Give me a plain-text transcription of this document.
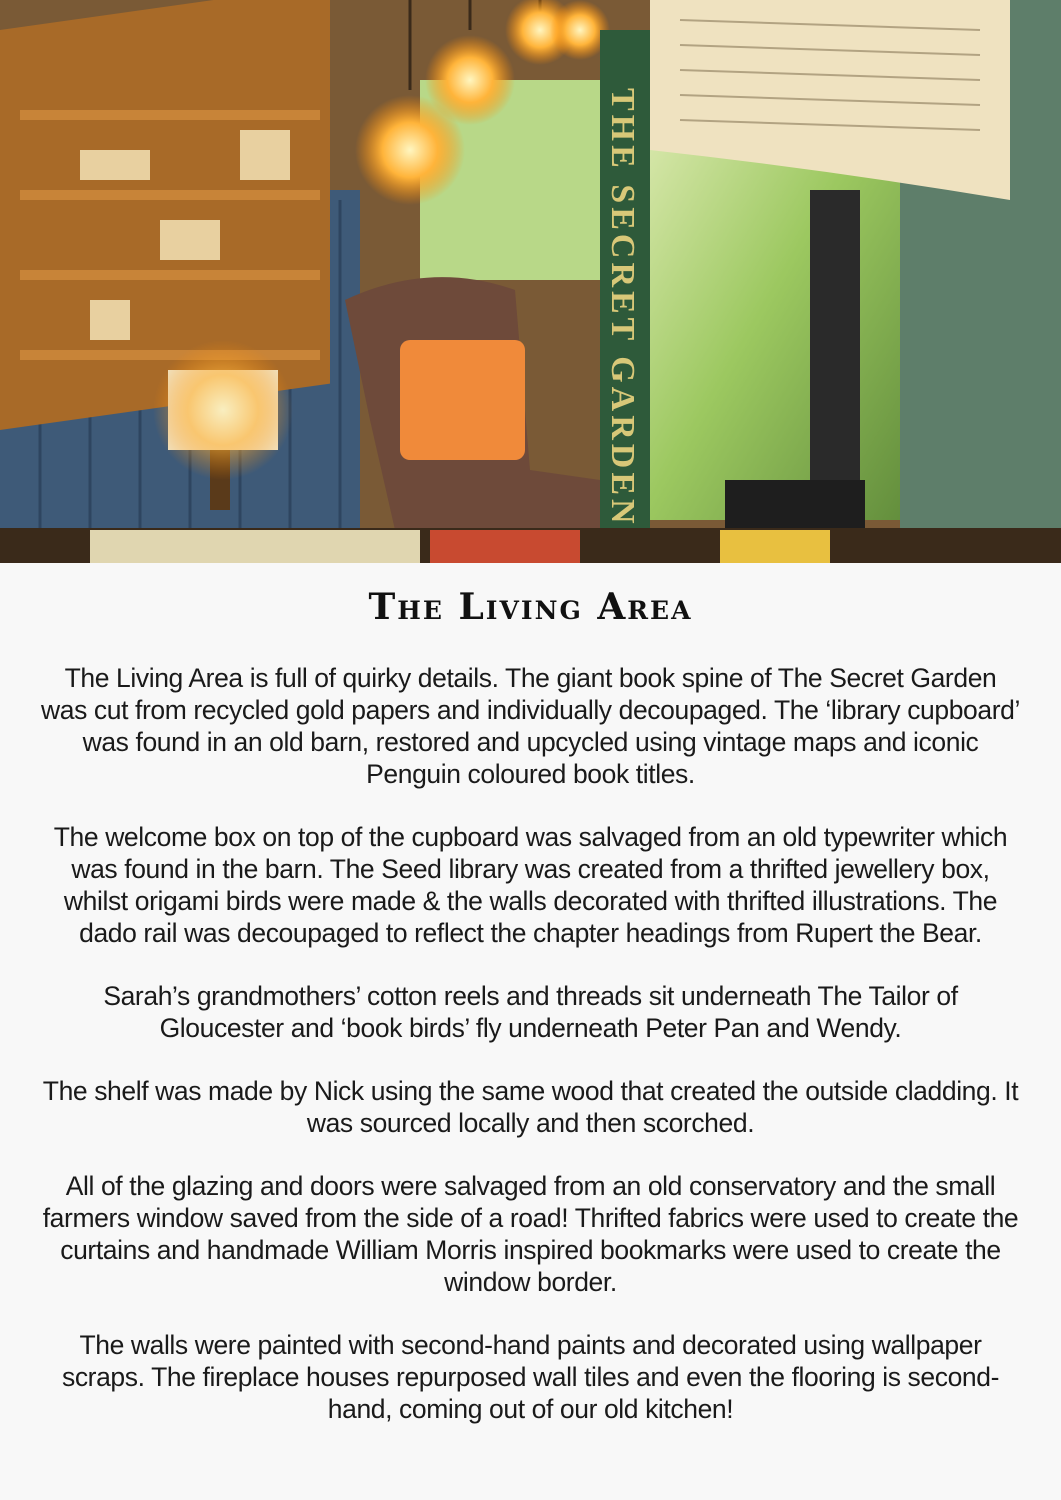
THE SECRET GARDEN
The Living Area

The Living Area is full of quirky details. The giant book spine of The Secret Garden was cut from recycled gold papers and individually decoupaged. The ‘library cupboard’ was found in an old barn, restored and upcycled using vintage maps and iconic Penguin coloured book titles.

The welcome box on top of the cupboard was salvaged from an old typewriter which was found in the barn. The Seed library was created from a thrifted jewellery box, whilst origami birds were made & the walls decorated with thrifted illustrations. The dado rail was decoupaged to reflect the chapter headings from Rupert the Bear.

Sarah’s grandmothers’ cotton reels and threads sit underneath The Tailor of Gloucester and ‘book birds’ fly underneath Peter Pan and Wendy.

The shelf was made by Nick using the same wood that created the outside cladding. It was sourced locally and then scorched.

All of the glazing and doors were salvaged from an old conservatory and the small farmers window saved from the side of a road! Thrifted fabrics were used to create the curtains and handmade William Morris inspired bookmarks were used to create the window border.

The walls were painted with second-hand paints and decorated using wallpaper scraps. The fireplace houses repurposed wall tiles and even the flooring is second-hand, coming out of our old kitchen!
